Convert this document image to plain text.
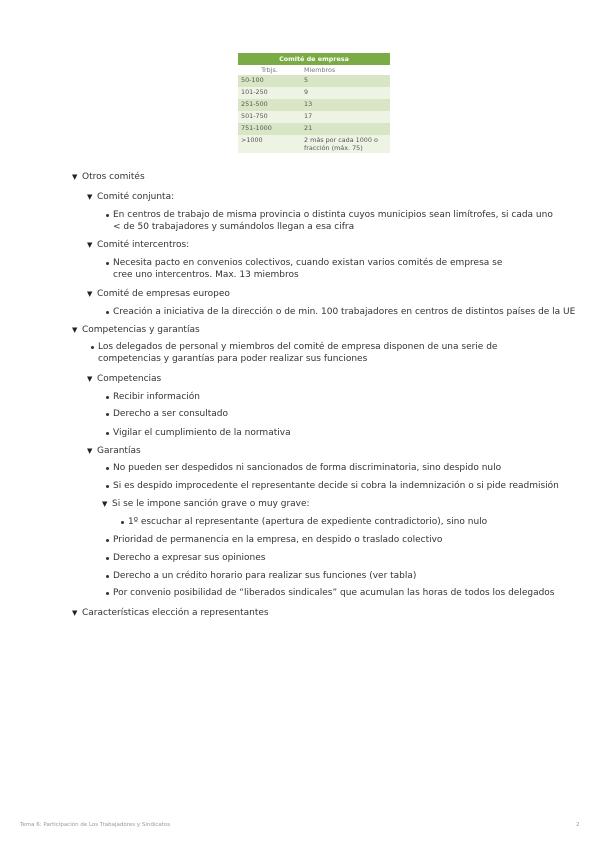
Comité de empresa	
Trbjs.	Miembros
50-100	5
101-250	9
251-500	13
501-750	17
751-1000	21
>1000	2 más por cada 1000 o fracción (máx. 75)
▼ Otros comités
▼ Comité conjunta:
En centros de trabajo de misma provincia o distinta cuyos municipios sean limítrofes, si cada uno < de 50 trabajadores y sumándolos llegan a esa cifra
▼ Comité intercentros:
Necesita pacto en convenios colectivos, cuando existan varios comités de empresa se cree uno intercentros. Max. 13 miembros
▼ Comité de empresas europeo
Creación a iniciativa de la dirección o de min. 100 trabajadores en centros de distintos países de la UE
▼ Competencias y garantías
Los delegados de personal y miembros del comité de empresa disponen de una serie de competencias y garantías para poder realizar sus funciones
▼ Competencias
Recibir información
Derecho a ser consultado
Vigilar el cumplimiento de la normativa
▼ Garantías
No pueden ser despedidos ni sancionados de forma discriminatoria, sino despido nulo
Si es despido improcedente el representante decide si cobra la indemnización o si pide readmisión
▼ Si se le impone sanción grave o muy grave:
1º escuchar al representante (apertura de expediente contradictorio), sino nulo
Prioridad de permanencia en la empresa, en despido o traslado colectivo
Derecho a expresar sus opiniones
Derecho a un crédito horario para realizar sus funciones (ver tabla)
Por convenio posibilidad de “liberados sindicales” que acumulan las horas de todos los delegados
▼ Características elección a representantes
Tema 6: Participación de Los Trabajadores y Sindicatos	2
